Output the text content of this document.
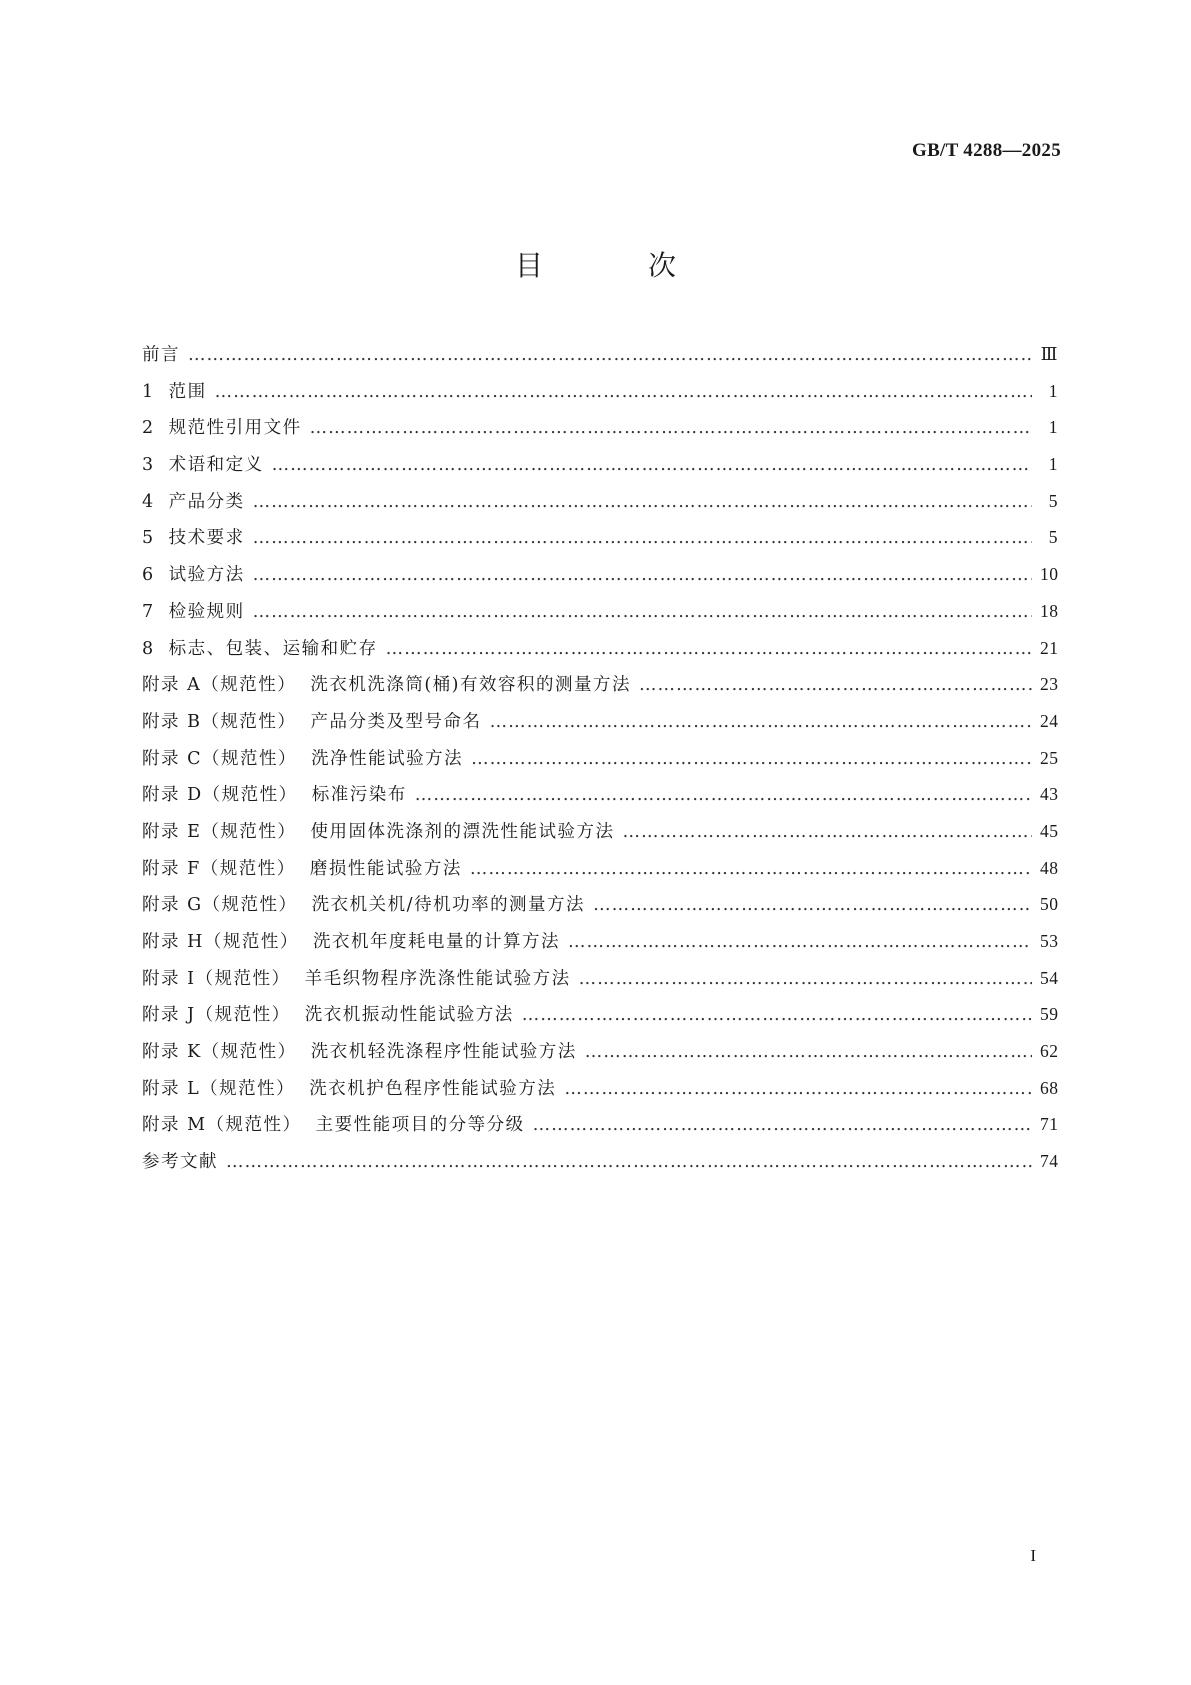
GB/T 4288—2025
目 次
前言 …………………………………………………………………………………………………………………………………………………………………………………………………………………………	Ⅲ
1 范围 …………………………………………………………………………………………………………………………………………………………………………………………………………………………	1
2 规范性引用文件 …………………………………………………………………………………………………………………………………………………………………………………………………………………………	1
3 术语和定义 …………………………………………………………………………………………………………………………………………………………………………………………………………………………	1
4 产品分类 …………………………………………………………………………………………………………………………………………………………………………………………………………………………	5
5 技术要求 …………………………………………………………………………………………………………………………………………………………………………………………………………………………	5
6 试验方法 …………………………………………………………………………………………………………………………………………………………………………………………………………………………	10
7 检验规则 …………………………………………………………………………………………………………………………………………………………………………………………………………………………	18
8 标志、包装、运输和贮存 …………………………………………………………………………………………………………………………………………………………………………………………………………………………	21
附录 A（规范性）  洗衣机洗涤筒(桶)有效容积的测量方法 …………………………………………………………………………………………………………………………………………………………………………………………………………………………	23
附录 B（规范性）  产品分类及型号命名 …………………………………………………………………………………………………………………………………………………………………………………………………………………………	24
附录 C（规范性）  洗净性能试验方法 …………………………………………………………………………………………………………………………………………………………………………………………………………………………	25
附录 D（规范性）  标准污染布 …………………………………………………………………………………………………………………………………………………………………………………………………………………………	43
附录 E（规范性）  使用固体洗涤剂的漂洗性能试验方法 …………………………………………………………………………………………………………………………………………………………………………………………………………………………	45
附录 F（规范性）  磨损性能试验方法 …………………………………………………………………………………………………………………………………………………………………………………………………………………………	48
附录 G（规范性）  洗衣机关机/待机功率的测量方法 …………………………………………………………………………………………………………………………………………………………………………………………………………………………	50
附录 H（规范性）  洗衣机年度耗电量的计算方法 …………………………………………………………………………………………………………………………………………………………………………………………………………………………	53
附录 I（规范性）  羊毛织物程序洗涤性能试验方法 …………………………………………………………………………………………………………………………………………………………………………………………………………………………	54
附录 J（规范性）  洗衣机振动性能试验方法 …………………………………………………………………………………………………………………………………………………………………………………………………………………………	59
附录 K（规范性）  洗衣机轻洗涤程序性能试验方法 …………………………………………………………………………………………………………………………………………………………………………………………………………………………	62
附录 L（规范性）  洗衣机护色程序性能试验方法 …………………………………………………………………………………………………………………………………………………………………………………………………………………………	68
附录 M（规范性）  主要性能项目的分等分级 …………………………………………………………………………………………………………………………………………………………………………………………………………………………	71
参考文献 …………………………………………………………………………………………………………………………………………………………………………………………………………………………	74
I
